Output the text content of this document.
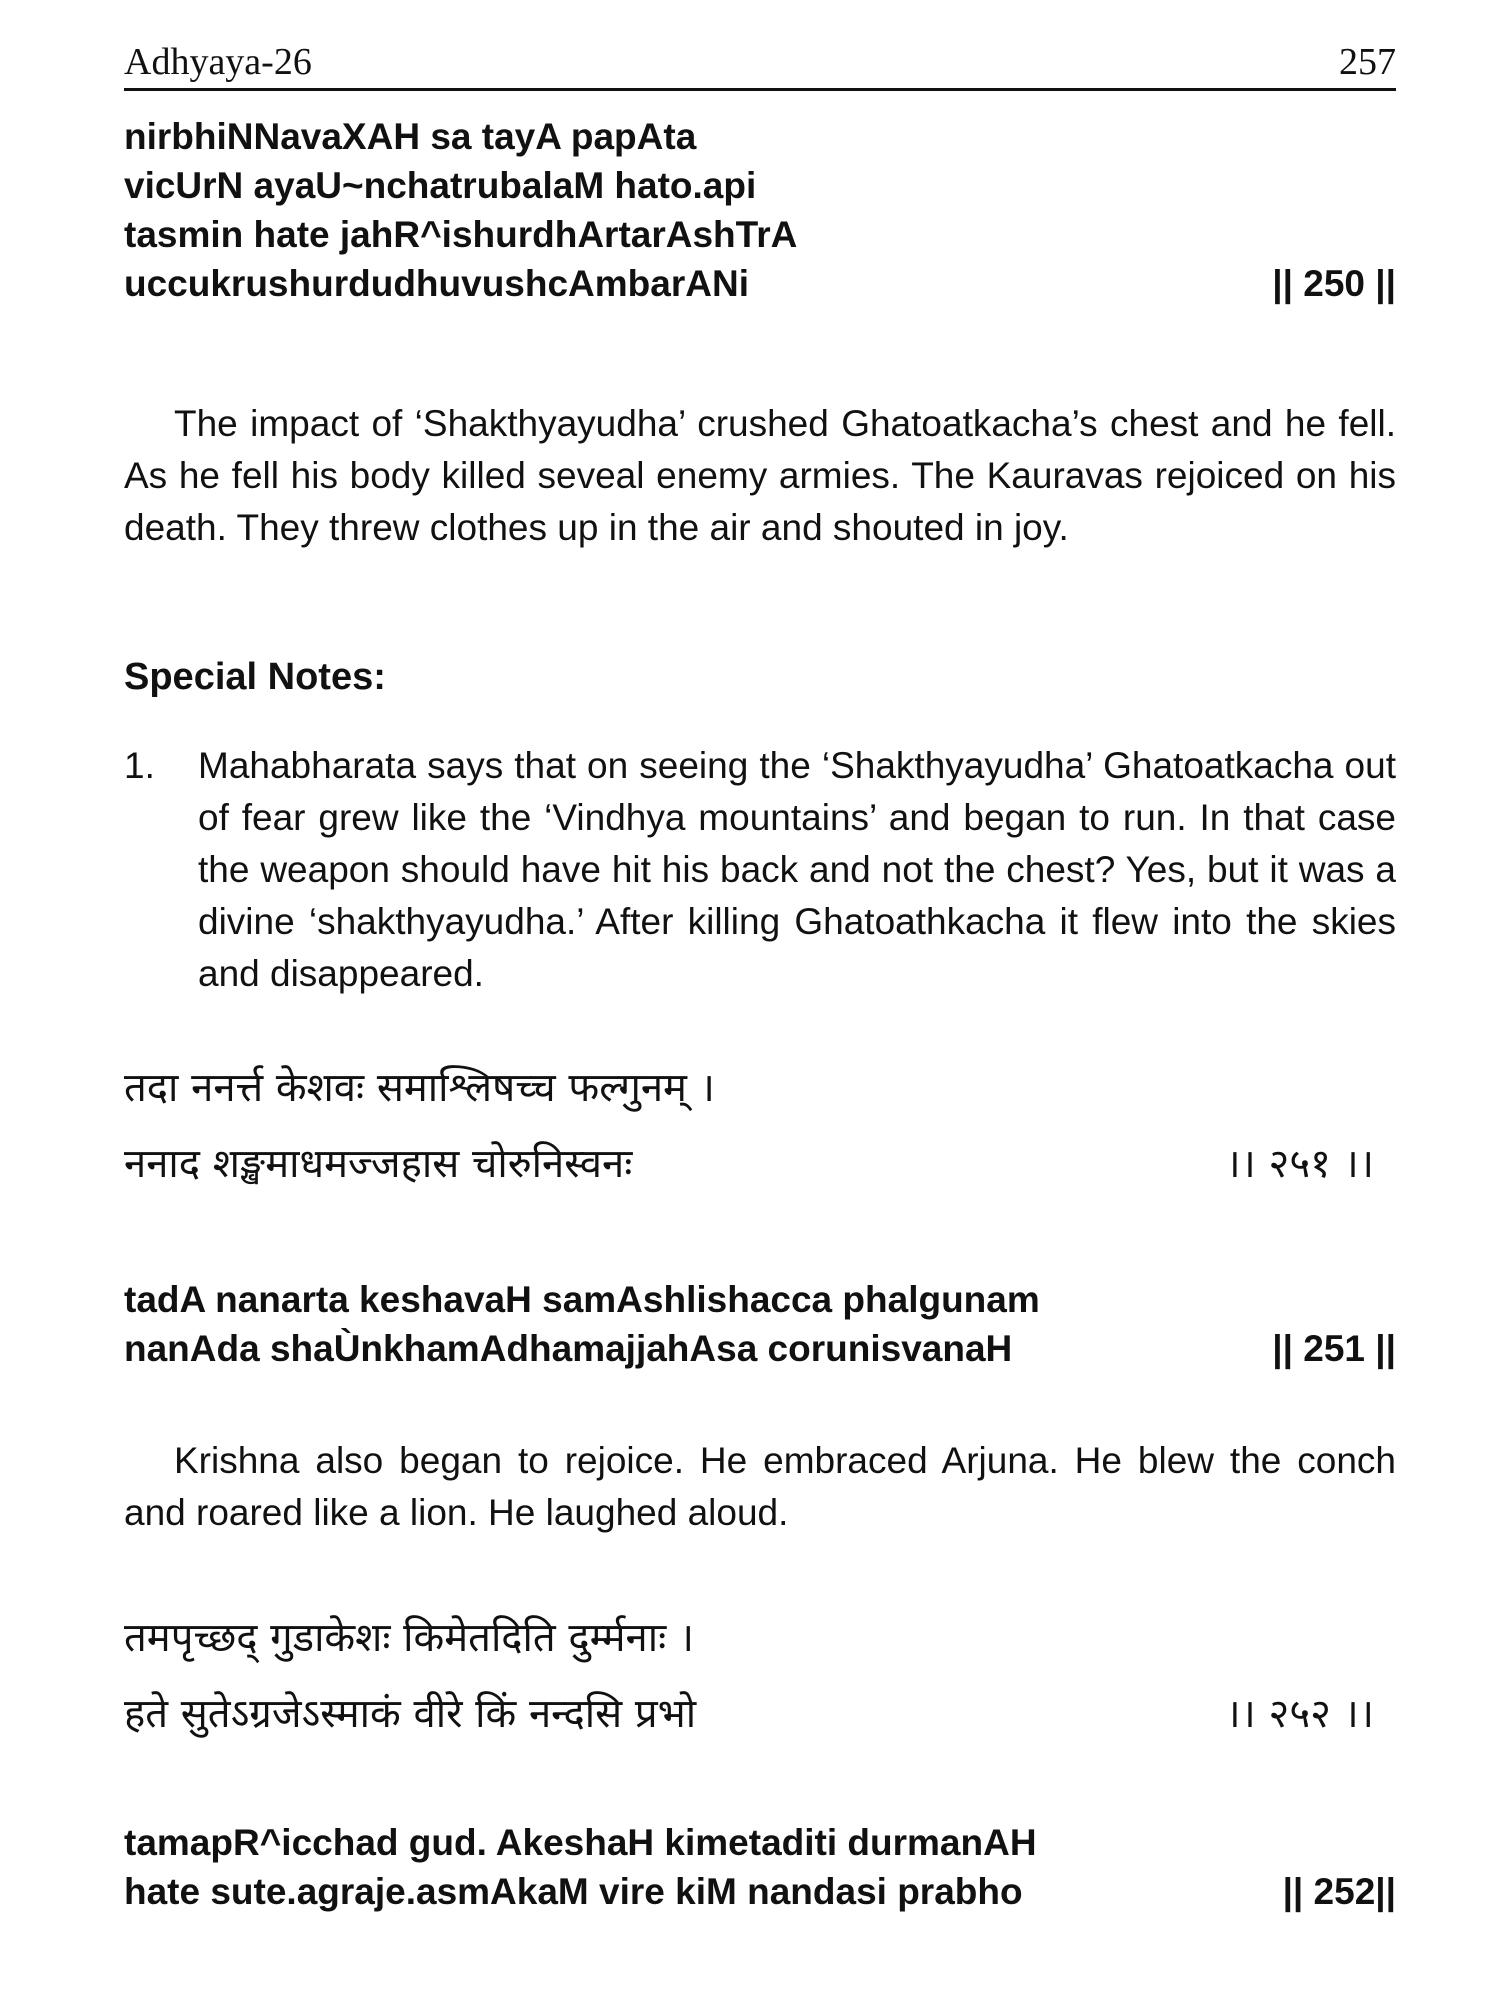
Adhyaya-26	257
nirbhiNNavaXAH sa tayA papAta
vicUrN ayaU~nchatrubalaM hato.api
tasmin hate jahR^ishurdhArtarAshTrA
uccukrushurdudhuvushcAmbarANi	|| 250 ||

The impact of ‘Shakthyayudha’ crushed Ghatoatkacha’s chest and he fell. As he fell his body killed seveal enemy armies. The Kauravas rejoiced on his death. They threw clothes up in the air and shouted in joy.

Special Notes:
1. Mahabharata says that on seeing the ‘Shakthyayudha’ Ghatoatkacha out of fear grew like the ‘Vindhya mountains’ and began to run. In that case the weapon should have hit his back and not the chest? Yes, but it was a divine ‘shakthyayudha.’ After killing Ghatoathkacha it flew into the skies and disappeared.
तदा ननर्त्त केशवः समाश्लिषच्च फल्गुनम् ।
ननाद शङ्खमाधमज्जहास चोरुनिस्वनः	।। २५१ ।।
tadA nanarta keshavaH samAshlishacca phalgunam
nanAda shaÙnkhamAdhamajjahAsa corunisvanaH	|| 251 ||

Krishna also began to rejoice. He embraced Arjuna. He blew the conch and roared like a lion. He laughed aloud.

तमपृच्छद् गुडाकेशः किमेतदिति दुर्म्मनाः ।
हते सुतेऽग्रजेऽस्माकं वीरे किं नन्दसि प्रभो	।। २५२ ।।
tamapR^icchad gud. AkeshaH kimetaditi durmanAH
hate sute.agraje.asmAkaM vire kiM nandasi prabho	|| 252||
